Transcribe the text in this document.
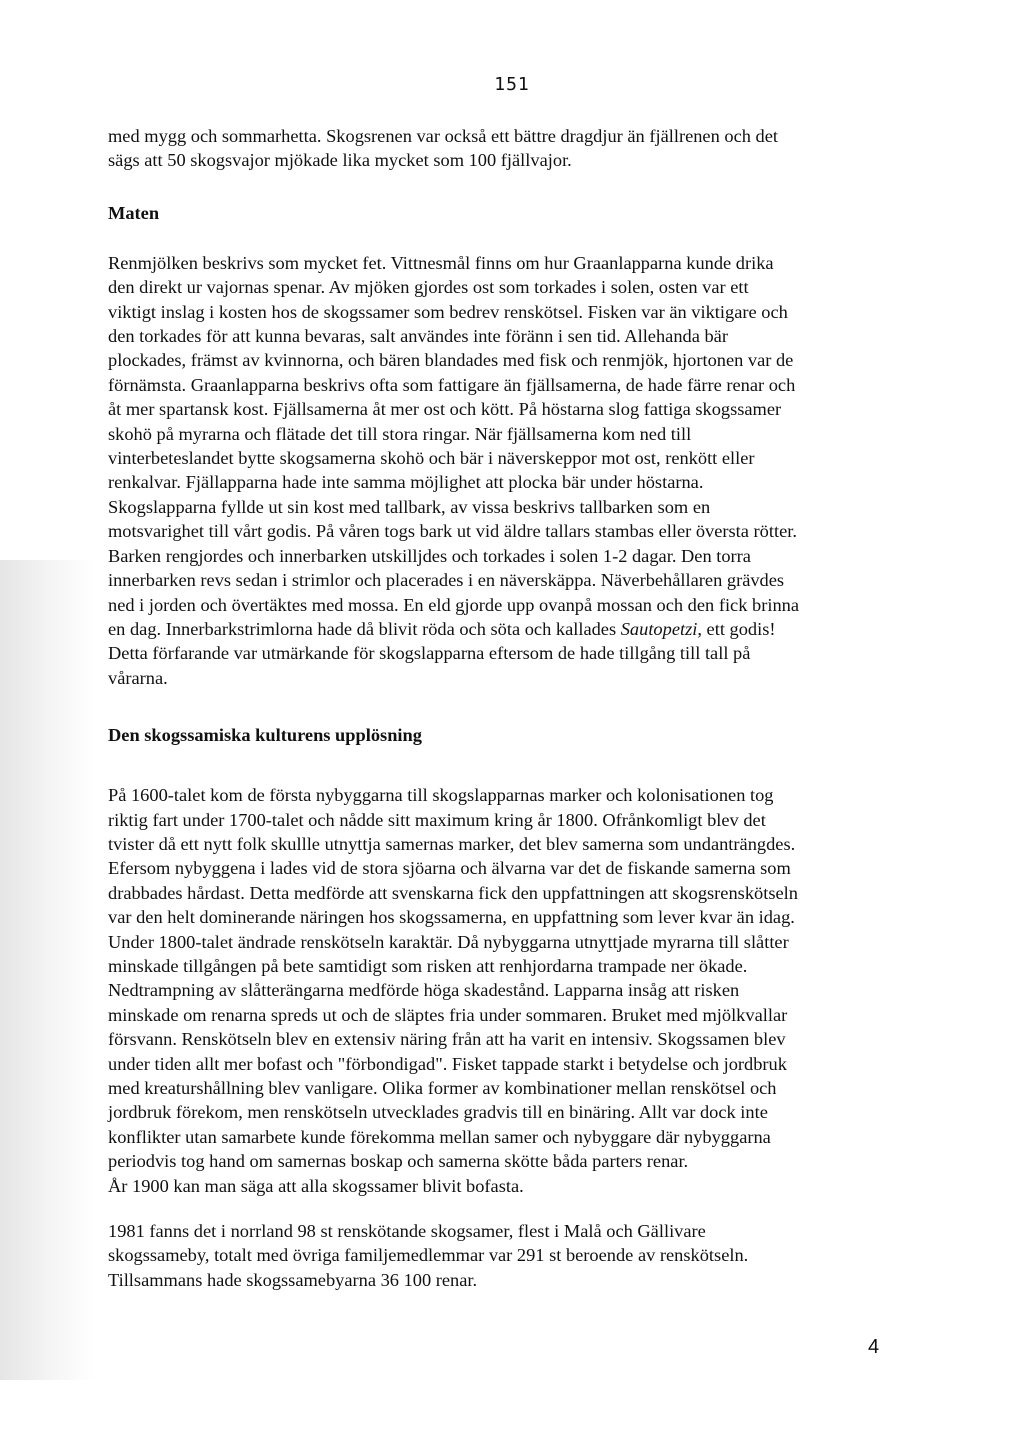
151

med mygg och sommarhetta. Skogsrenen var också ett bättre dragdjur än fjällrenen och det
sägs att 50 skogsvajor mjökade lika mycket som 100 fjällvajor.

Maten

Renmjölken beskrivs som mycket fet. Vittnesmål finns om hur Graanlapparna kunde drika
den direkt ur vajornas spenar. Av mjöken gjordes ost som torkades i solen, osten var ett
viktigt inslag i kosten hos de skogssamer som bedrev renskötsel. Fisken var än viktigare och
den torkades för att kunna bevaras, salt användes inte föränn i sen tid. Allehanda bär
plockades, främst av kvinnorna, och bären blandades med fisk och renmjök, hjortonen var de
förnämsta. Graanlapparna beskrivs ofta som fattigare än fjällsamerna, de hade färre renar och
åt mer spartansk kost. Fjällsamerna åt mer ost och kött. På höstarna slog fattiga skogssamer
skohö på myrarna och flätade det till stora ringar. När fjällsamerna kom ned till
vinterbeteslandet bytte skogsamerna skohö och bär i näverskeppor mot ost, renkött eller
renkalvar. Fjällapparna hade inte samma möjlighet att plocka bär under höstarna.
Skogslapparna fyllde ut sin kost med tallbark, av vissa beskrivs tallbarken som en
motsvarighet till vårt godis. På våren togs bark ut vid äldre tallars stambas eller översta rötter.
Barken rengjordes och innerbarken utskilljdes och torkades i solen 1-2 dagar. Den torra
innerbarken revs sedan i strimlor och placerades i en näverskäppa. Näverbehållaren grävdes
ned i jorden och övertäktes med mossa. En eld gjorde upp ovanpå mossan och den fick brinna
en dag. Innerbarkstrimlorna hade då blivit röda och söta och kallades Sautopetzi, ett godis!
Detta förfarande var utmärkande för skogslapparna eftersom de hade tillgång till tall på
vårarna.

Den skogssamiska kulturens upplösning

På 1600-talet kom de första nybyggarna till skogslapparnas marker och kolonisationen tog
riktig fart under 1700-talet och nådde sitt maximum kring år 1800. Ofrånkomligt blev det
tvister då ett nytt folk skullle utnyttja samernas marker, det blev samerna som undanträngdes.
Efersom nybyggena i lades vid de stora sjöarna och älvarna var det de fiskande samerna som
drabbades hårdast. Detta medförde att svenskarna fick den uppfattningen att skogsrenskötseln
var den helt dominerande näringen hos skogssamerna, en uppfattning som lever kvar än idag.
Under 1800-talet ändrade renskötseln karaktär. Då nybyggarna utnyttjade myrarna till slåtter
minskade tillgången på bete samtidigt som risken att renhjordarna trampade ner ökade.
Nedtrampning av slåtterängarna medförde höga skadestånd. Lapparna insåg att risken
minskade om renarna spreds ut och de släptes fria under sommaren. Bruket med mjölkvallar
försvann. Renskötseln blev en extensiv näring från att ha varit en intensiv. Skogssamen blev
under tiden allt mer bofast och "förbondigad". Fisket tappade starkt i betydelse och jordbruk
med kreaturshållning blev vanligare. Olika former av kombinationer mellan renskötsel och
jordbruk förekom, men renskötseln utvecklades gradvis till en binäring. Allt var dock inte
konflikter utan samarbete kunde förekomma mellan samer och nybyggare där nybyggarna
periodvis tog hand om samernas boskap och samerna skötte båda parters renar.
År 1900 kan man säga att alla skogssamer blivit bofasta.

1981 fanns det i norrland 98 st renskötande skogsamer, flest i Malå och Gällivare
skogssameby, totalt med övriga familjemedlemmar var 291 st beroende av renskötseln.
Tillsammans hade skogssamebyarna 36 100 renar.

4
